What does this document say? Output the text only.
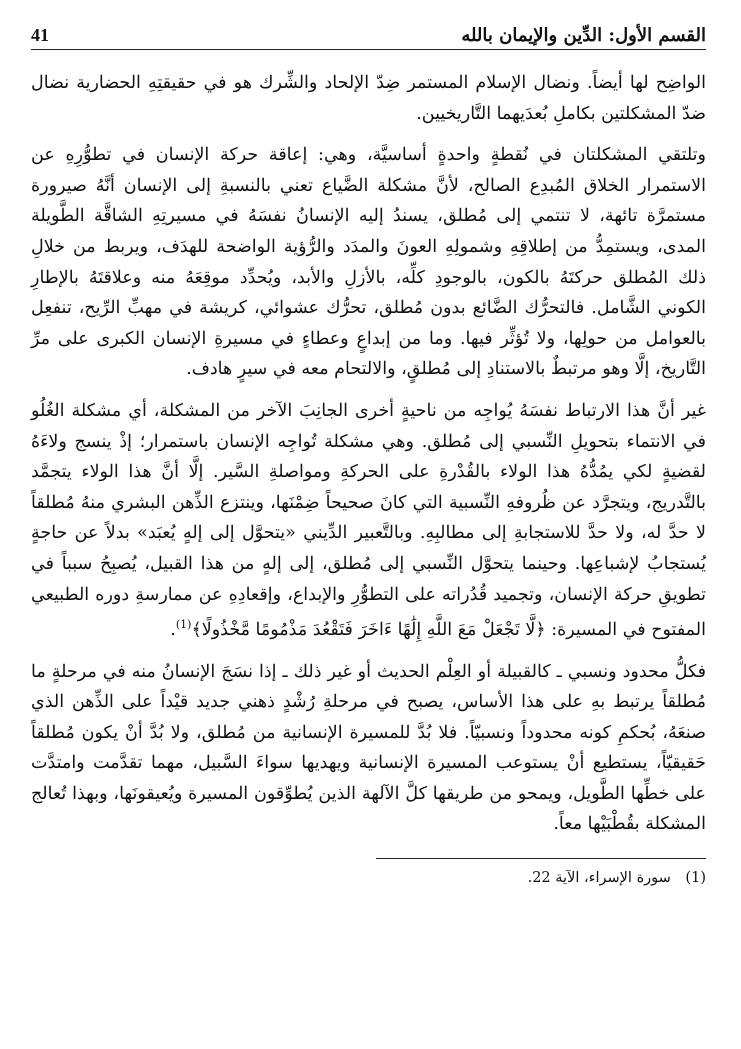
القسم الأول: الدِّين والإيمان بالله
41

الواضِح لها أيضاً. ونضال الإسلام المستمر ضِدّ الإلحاد والشِّرك هو في حقيقتِهِ الحضارية نضال ضدّ المشكلتين بكاملِ بُعدَيهما التَّاريخيين.

وتلتقي المشكلتان في نُقطةٍ واحدةٍ أساسيَّة، وهي: إعاقة حركة الإنسان في تطوُّرِهِ عن الاستمرار الخلاق المُبدِع الصالح، لأنَّ مشكلة الضَّياع تعني بالنسبةِ إلى الإنسان أنَّهُ صيرورة مستمرَّة تائهة، لا تنتمي إلى مُطلق، يسندُ إليه الإنسانُ نفسَهُ في مسيرتِهِ الشاقَّة الطَّويلة المدى، ويستمِدُّ من إطلاقِهِ وشمولِهِ العونَ والمدَد والرُّؤية الواضحة للهدَف، ويربط من خلالِ ذلك المُطلق حركتَهُ بالكون، بالوجودِ كلِّه، بالأزلِ والأبد، ويُحدِّد موقِعَهُ منه وعلاقتَهُ بالإطارِ الكوني الشَّامل. فالتحرُّك الضَّائع بدون مُطلق، تحرُّك عشوائي، كريشة في مهبِّ الرِّيح، تنفعِل بالعوامل من حولِها، ولا تُؤثِّر فيها. وما من إبداعٍ وعطاءٍ في مسيرةِ الإنسان الكبرى على مرِّ التَّاريخ، إلَّا وهو مرتبطٌ بالاستنادِ إلى مُطلقٍ، والالتحام معه في سيرٍ هادف.

غير أنَّ هذا الارتباط نفسَهُ يُواجِه من ناحيةٍ أخرى الجانِبَ الآخر من المشكلة، أي مشكلة الغُلُو في الانتماء بتحويلِ النِّسبي إلى مُطلق. وهي مشكلة تُواجِه الإنسان باستمرار؛ إذْ ينسج ولاءَهُ لقضيةٍ لكي يمُدُّهُ هذا الولاء بالقُدْرةِ على الحركةِ ومواصلةِ السَّير. إلَّا أنَّ هذا الولاء يتجمَّد بالتَّدريج، ويتجرَّد عن ظُروفهِ النِّسبية التي كانَ صحيحاً ضِمْنَها، وينتزع الذِّهن البشري منهُ مُطلقاً لا حدَّ له، ولا حدَّ للاستجابةِ إلى مطالبِهِ. وبالتَّعبير الدِّيني «يتحوَّل إلى إلهٍ يُعبَد» بدلاً عن حاجةٍ يُستجابُ لإشباعِها. وحينما يتحوَّل النِّسبي إلى مُطلق، إلى إلهٍ من هذا القبيل، يُصبِحُ سبباً في تطويقِ حركة الإنسان، وتجميد قُدُراته على التطوُّرِ والإبداع، وإقعادِهِ عن ممارسةِ دوره الطبيعي المفتوح في المسيرة: ﴿لَّا تَجْعَلْ مَعَ اللَّهِ إِلَٰهًا ءَاخَرَ فَتَقْعُدَ مَذْمُومًا مَّخْذُولًا﴾$^{(1)}$.

فكلُّ محدود ونسبي ـ كالقبيلة أو العِلْم الحديث أو غير ذلك ـ إذا نسَجَ الإنسانُ منه في مرحلةٍ ما مُطلقاً يرتبط بهِ على هذا الأساس، يصبح في مرحلةِ رُشْدٍ ذهني جديد قيْداً على الذِّهن الذي صنعَهُ، بُحكمِ كونه محدوداً ونسبيّاً. فلا بُدَّ للمسيرة الإنسانية من مُطلق، ولا بُدَّ أنْ يكون مُطلقاً حَقيقيّاً، يستطيع أنْ يستوعب المسيرة الإنسانية ويهديها سواءَ السَّبيل، مهما تقدَّمت وامتدَّت على خطِّها الطَّويل، ويمحو من طريقها كلَّ الآلهة الذين يُطوِّقون المسيرة ويُعيقونَها، وبهذا تُعالج المشكلة بقُطْبَيْها معاً.

(1) سورة الإسراء، الآية 22.
